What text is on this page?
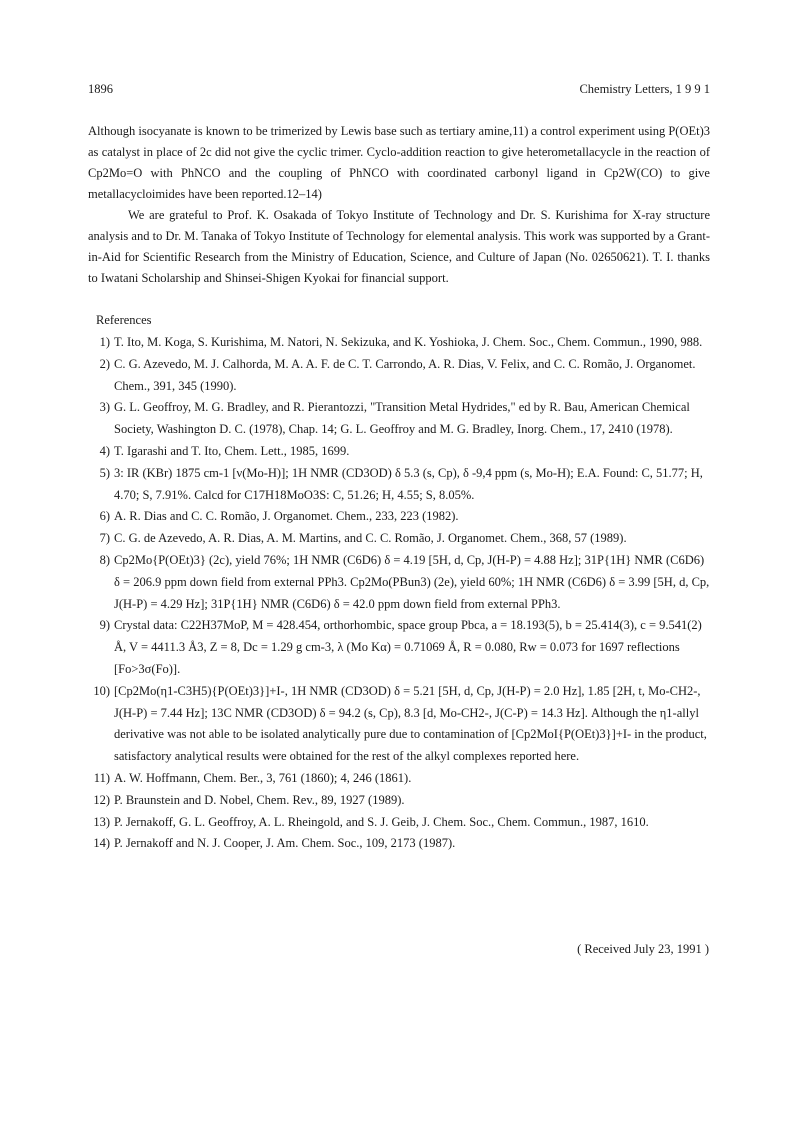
1896	Chemistry Letters, 1 9 9 1

Although isocyanate is known to be trimerized by Lewis base such as tertiary amine,11) a control experiment using P(OEt)3 as catalyst in place of 2c did not give the cyclic trimer. Cyclo-addition reaction to give heterometallacycle in the reaction of Cp2Mo=O with PhNCO and the coupling of PhNCO with coordinated carbonyl ligand in Cp2W(CO) to give metallacycloimides have been reported.12–14)

We are grateful to Prof. K. Osakada of Tokyo Institute of Technology and Dr. S. Kurishima for X-ray structure analysis and to Dr. M. Tanaka of Tokyo Institute of Technology for elemental analysis. This work was supported by a Grant-in-Aid for Scientific Research from the Ministry of Education, Science, and Culture of Japan (No. 02650621). T. I. thanks to Iwatani Scholarship and Shinsei-Shigen Kyokai for financial support.

References
1) T. Ito, M. Koga, S. Kurishima, M. Natori, N. Sekizuka, and K. Yoshioka, J. Chem. Soc., Chem. Commun., 1990, 988.
2) C. G. Azevedo, M. J. Calhorda, M. A. A. F. de C. T. Carrondo, A. R. Dias, V. Felix, and C. C. Romão, J. Organomet. Chem., 391, 345 (1990).
3) G. L. Geoffroy, M. G. Bradley, and R. Pierantozzi, "Transition Metal Hydrides," ed by R. Bau, American Chemical Society, Washington D. C. (1978), Chap. 14; G. L. Geoffroy and M. G. Bradley, Inorg. Chem., 17, 2410 (1978).
4) T. Igarashi and T. Ito, Chem. Lett., 1985, 1699.
5) 3: IR (KBr) 1875 cm-1 [ν(Mo-H)]; 1H NMR (CD3OD) δ 5.3 (s, Cp), δ -9,4 ppm (s, Mo-H); E.A. Found: C, 51.77; H, 4.70; S, 7.91%. Calcd for C17H18MoO3S: C, 51.26; H, 4.55; S, 8.05%.
6) A. R. Dias and C. C. Romão, J. Organomet. Chem., 233, 223 (1982).
7) C. G. de Azevedo, A. R. Dias, A. M. Martins, and C. C. Romão, J. Organomet. Chem., 368, 57 (1989).
8) Cp2Mo{P(OEt)3} (2c), yield 76%; 1H NMR (C6D6) δ = 4.19 [5H, d, Cp, J(H-P) = 4.88 Hz]; 31P{1H} NMR (C6D6) δ = 206.9 ppm down field from external PPh3. Cp2Mo(PBun3) (2e), yield 60%; 1H NMR (C6D6) δ = 3.99 [5H, d, Cp, J(H-P) = 4.29 Hz]; 31P{1H} NMR (C6D6) δ = 42.0 ppm down field from external PPh3.
9) Crystal data: C22H37MoP, M = 428.454, orthorhombic, space group Pbca, a = 18.193(5), b = 25.414(3), c = 9.541(2) Å, V = 4411.3 Å3, Z = 8, Dc = 1.29 g cm-3, λ (Mo Kα) = 0.71069 Å, R = 0.080, Rw = 0.073 for 1697 reflections [Fo>3σ(Fo)].
10) [Cp2Mo(η1-C3H5){P(OEt)3}]+I-, 1H NMR (CD3OD) δ = 5.21 [5H, d, Cp, J(H-P) = 2.0 Hz], 1.85 [2H, t, Mo-CH2-, J(H-P) = 7.44 Hz]; 13C NMR (CD3OD) δ = 94.2 (s, Cp), 8.3 [d, Mo-CH2-, J(C-P) = 14.3 Hz]. Although the η1-allyl derivative was not able to be isolated analytically pure due to contamination of [Cp2MoI{P(OEt)3}]+I- in the product, satisfactory analytical results were obtained for the rest of the alkyl complexes reported here.
11) A. W. Hoffmann, Chem. Ber., 3, 761 (1860); 4, 246 (1861).
12) P. Braunstein and D. Nobel, Chem. Rev., 89, 1927 (1989).
13) P. Jernakoff, G. L. Geoffroy, A. L. Rheingold, and S. J. Geib, J. Chem. Soc., Chem. Commun., 1987, 1610.
14) P. Jernakoff and N. J. Cooper, J. Am. Chem. Soc., 109, 2173 (1987).
( Received July 23, 1991 )
